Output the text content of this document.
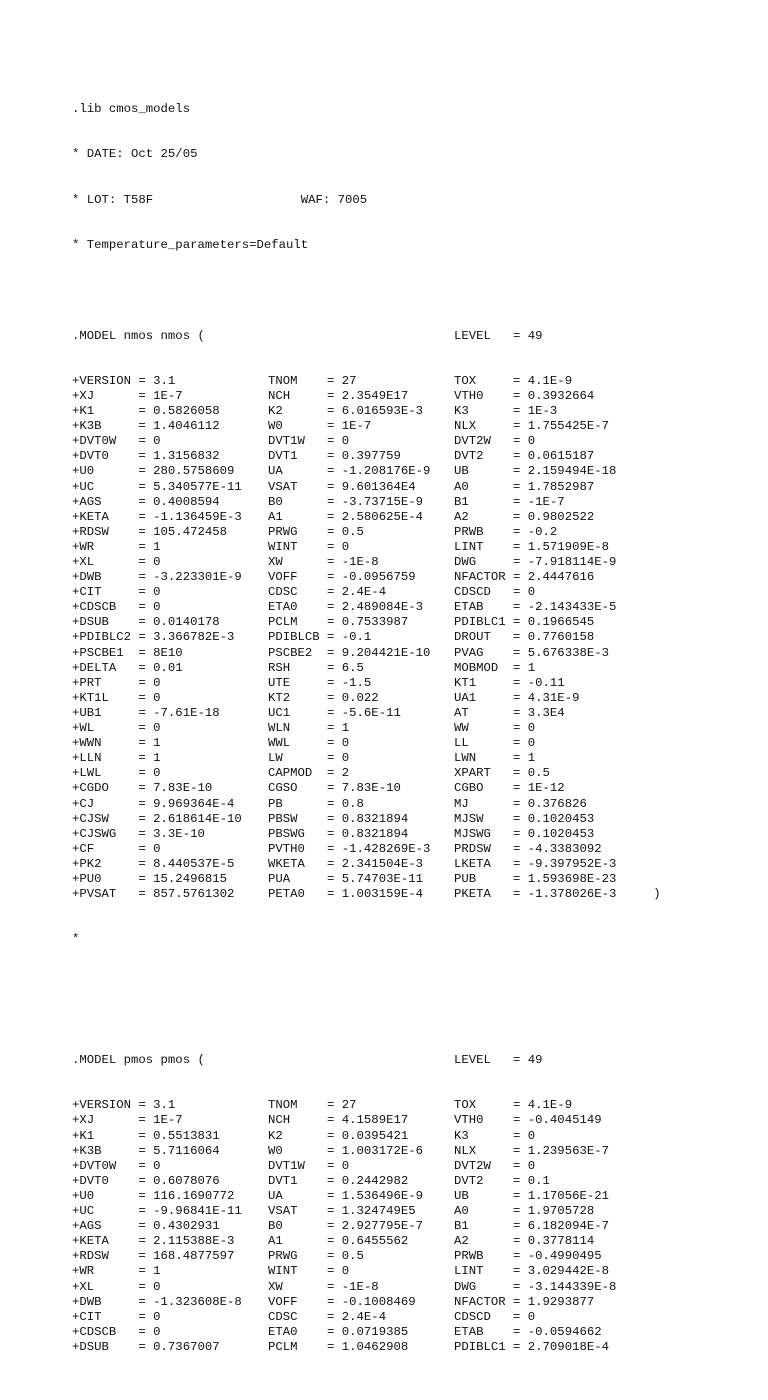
.lib cmos_models

* DATE: Oct 25/05

* LOT: T58F                    WAF: 7005

* Temperature_parameters=Default

.MODEL nmos nmos (	LEVEL   = 49

+VERSION = 3.1	TNOM    = 27	TOX     = 4.1E-9
+XJ      = 1E-7	NCH     = 2.3549E17	VTH0    = 0.3932664
+K1      = 0.5826058	K2      = 6.016593E-3	K3      = 1E-3
+K3B     = 1.4046112	W0      = 1E-7	NLX     = 1.755425E-7
+DVT0W   = 0	DVT1W   = 0	DVT2W   = 0
+DVT0    = 1.3156832	DVT1    = 0.397759	DVT2    = 0.0615187
+U0      = 280.5758609	UA      = -1.208176E-9 UB      = 2.159494E-18
+UC      = 5.340577E-11 VSAT    = 9.601364E4	A0      = 1.7852987
+AGS     = 0.4008594	B0      = -3.73715E-9	B1      = -1E-7
+KETA    = -1.136459E-3 A1      = 2.580625E-4	A2      = 0.9802522
+RDSW    = 105.472458	PRWG    = 0.5	PRWB    = -0.2
+WR      = 1	WINT    = 0	LINT    = 1.571909E-8
+XL      = 0	XW      = -1E-8	DWG     = -7.918114E-9
+DWB     = -3.223301E-9 VOFF    = -0.0956759	NFACTOR = 2.4447616
+CIT     = 0	CDSC    = 2.4E-4	CDSCD   = 0
+CDSCB   = 0	ETA0    = 2.489084E-3	ETAB    = -2.143433E-5
+DSUB    = 0.0140178	PCLM    = 0.7533987	PDIBLC1 = 0.1966545
+PDIBLC2 = 3.366782E-3	PDIBLCB = -0.1	DROUT   = 0.7760158
+PSCBE1  = 8E10	PSCBE2  = 9.204421E-10 PVAG    = 5.676338E-3
+DELTA   = 0.01	RSH     = 6.5	MOBMOD  = 1
+PRT     = 0	UTE     = -1.5	KT1     = -0.11
+KT1L    = 0	KT2     = 0.022	UA1     = 4.31E-9
+UB1     = -7.61E-18	UC1     = -5.6E-11	AT      = 3.3E4
+WL      = 0	WLN     = 1	WW      = 0
+WWN     = 1	WWL     = 0	LL      = 0
+LLN     = 1	LW      = 0	LWN     = 1
+LWL     = 0	CAPMOD  = 2	XPART   = 0.5
+CGDO    = 7.83E-10	CGSO    = 7.83E-10	CGBO    = 1E-12
+CJ      = 9.969364E-4	PB      = 0.8	MJ      = 0.376826
+CJSW    = 2.618614E-10 PBSW    = 0.8321894	MJSW    = 0.1020453
+CJSWG   = 3.3E-10	PBSWG   = 0.8321894	MJSWG   = 0.1020453
+CF      = 0	PVTH0   = -1.428269E-3 PRDSW   = -4.3383092
+PK2     = 8.440537E-5	WKETA   = 2.341504E-3	LKETA   = -9.397952E-3
+PU0     = 15.2496815	PUA     = 5.74703E-11	PUB     = 1.593698E-23
+PVSAT   = 857.5761302	PETA0   = 1.003159E-4	PKETA   = -1.378026E-3     )

*

.MODEL pmos pmos (	LEVEL   = 49

+VERSION = 3.1	TNOM    = 27	TOX     = 4.1E-9
+XJ      = 1E-7	NCH     = 4.1589E17	VTH0    = -0.4045149
+K1      = 0.5513831	K2      = 0.0395421	K3      = 0
+K3B     = 5.7116064	W0      = 1.003172E-6	NLX     = 1.239563E-7
+DVT0W   = 0	DVT1W   = 0	DVT2W   = 0
+DVT0    = 0.6078076	DVT1    = 0.2442982	DVT2    = 0.1
+U0      = 116.1690772	UA      = 1.536496E-9	UB      = 1.17056E-21
+UC      = -9.96841E-11 VSAT    = 1.324749E5	A0      = 1.9705728
+AGS     = 0.4302931	B0      = 2.927795E-7	B1      = 6.182094E-7
+KETA    = 2.115388E-3	A1      = 0.6455562	A2      = 0.3778114
+RDSW    = 168.4877597	PRWG    = 0.5	PRWB    = -0.4990495
+WR      = 1	WINT    = 0	LINT    = 3.029442E-8
+XL      = 0	XW      = -1E-8	DWG     = -3.144339E-8
+DWB     = -1.323608E-8 VOFF    = -0.1008469	NFACTOR = 1.9293877
+CIT     = 0	CDSC    = 2.4E-4	CDSCD   = 0
+CDSCB   = 0	ETA0    = 0.0719385	ETAB    = -0.0594662
+DSUB    = 0.7367007	PCLM    = 1.0462908	PDIBLC1 = 2.709018E-4
